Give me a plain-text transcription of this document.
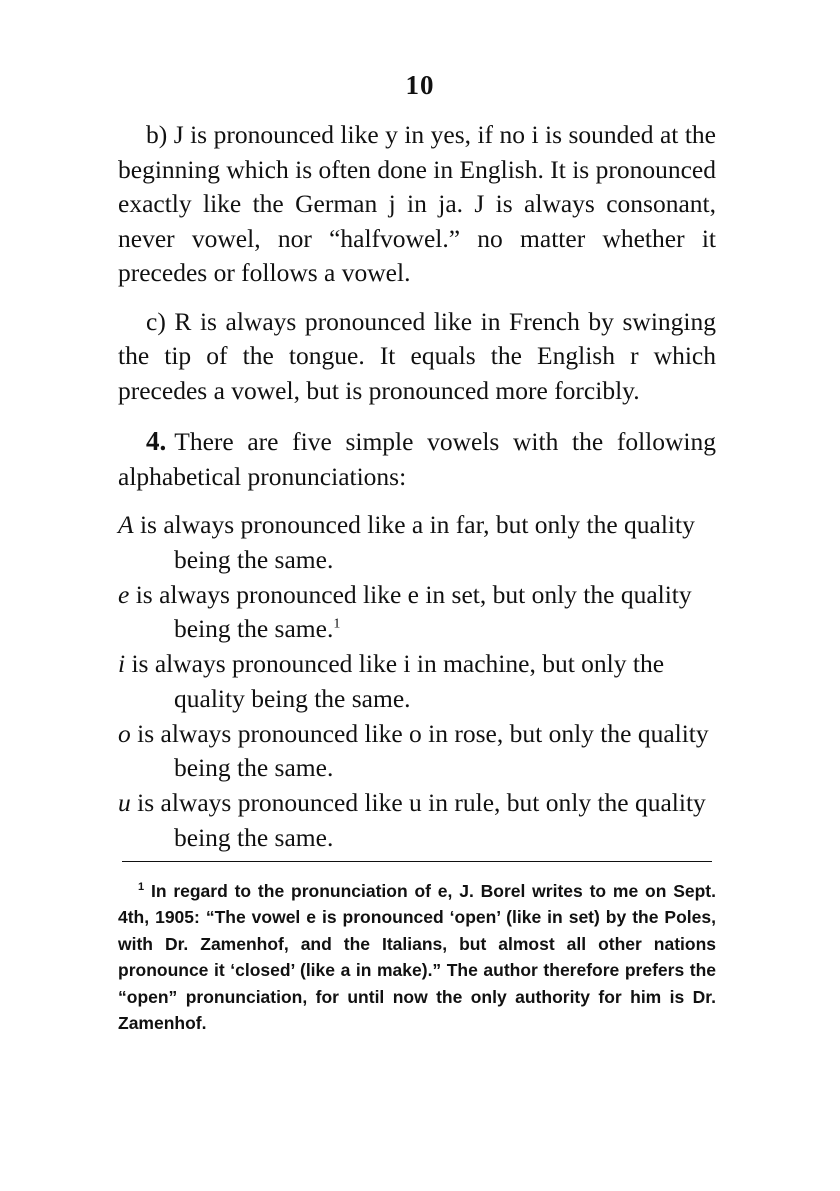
10

b) J is pronounced like y in yes, if no i is sounded at the beginning which is often done in English. It is pronounced exactly like the German j in ja. J is always consonant, never vowel, nor “halfvowel.” no matter whether it precedes or follows a vowel.

c) R is always pronounced like in French by swinging the tip of the tongue. It equals the English r which precedes a vowel, but is pronounced more forcibly.

4. There are five simple vowels with the following alphabetical pronunciations:

A is always pronounced like a in far, but only the quality being the same.
e is always pronounced like e in set, but only the quality being the same.$^1$
i is always pronounced like i in machine, but only the quality being the same.
o is always pronounced like o in rose, but only the quality being the same.
u is always pronounced like u in rule, but only the quality being the same.
$^1$ In regard to the pronunciation of e, J. Borel writes to me on Sept. 4th, 1905: “The vowel e is pronounced ‘open’ (like in set) by the Poles, with Dr. Zamenhof, and the Italians, but almost all other nations pronounce it ‘closed’ (like a in make).” The author therefore prefers the “open” pronunciation, for until now the only authority for him is Dr. Zamenhof.
